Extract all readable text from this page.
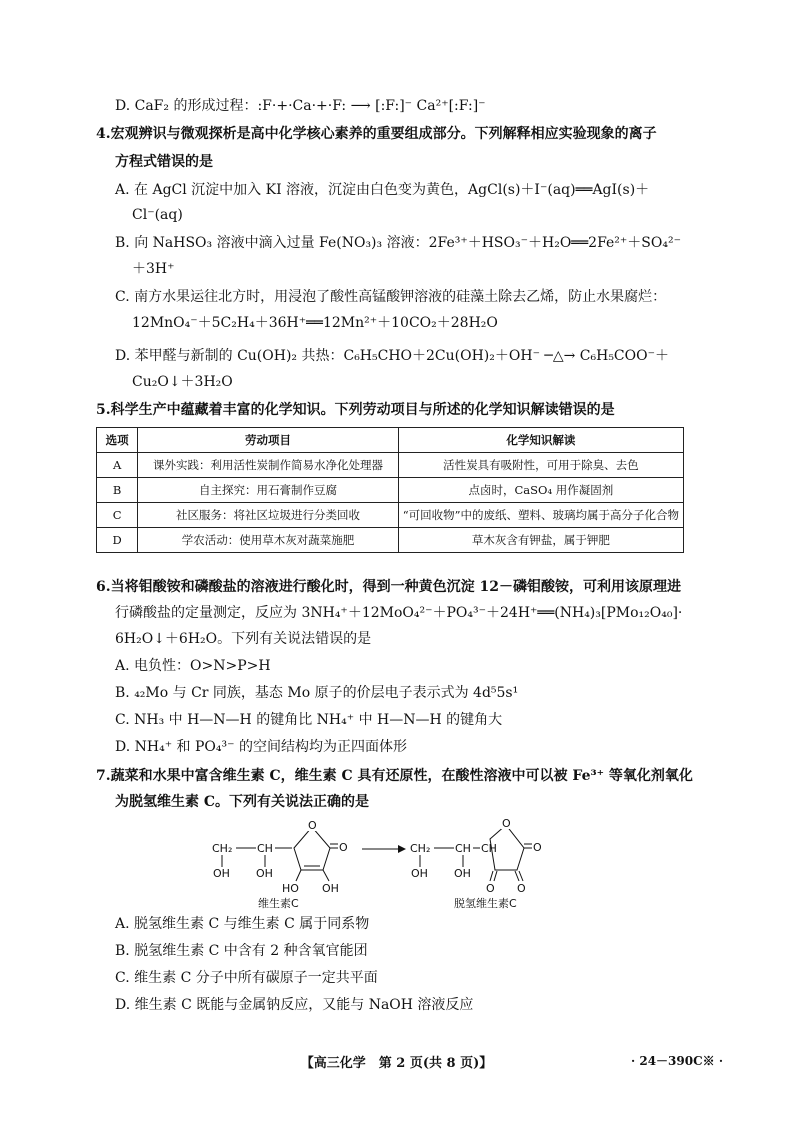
D. CaF₂ 的形成过程：:F·+·Ca·+·F: ⟶ [:F:]⁻ Ca²⁺[:F:]⁻
4.宏观辨识与微观探析是高中化学核心素养的重要组成部分。下列解释相应实验现象的离子
方程式错误的是
A. 在 AgCl 沉淀中加入 KI 溶液，沉淀由白色变为黄色，AgCl(s)＋I⁻(aq)══AgI(s)＋
Cl⁻(aq)
B. 向 NaHSO₃ 溶液中滴入过量 Fe(NO₃)₃ 溶液：2Fe³⁺＋HSO₃⁻＋H₂O══2Fe²⁺＋SO₄²⁻
＋3H⁺
C. 南方水果运往北方时，用浸泡了酸性高锰酸钾溶液的硅藻土除去乙烯，防止水果腐烂：
12MnO₄⁻＋5C₂H₄＋36H⁺══12Mn²⁺＋10CO₂＋28H₂O
D. 苯甲醛与新制的 Cu(OH)₂ 共热：C₆H₅CHO＋2Cu(OH)₂＋OH⁻ ─△→ C₆H₅COO⁻＋
Cu₂O↓＋3H₂O
5.科学生产中蕴藏着丰富的化学知识。下列劳动项目与所述的化学知识解读错误的是
6.当将钼酸铵和磷酸盐的溶液进行酸化时，得到一种黄色沉淀 12－磷钼酸铵，可利用该原理进
行磷酸盐的定量测定，反应为 3NH₄⁺＋12MoO₄²⁻＋PO₄³⁻＋24H⁺══(NH₄)₃[PMo₁₂O₄₀]·
6H₂O↓＋6H₂O。下列有关说法错误的是
A. 电负性：O>N>P>H
B. ₄₂Mo 与 Cr 同族，基态 Mo 原子的价层电子表示式为 4d⁵5s¹
C. NH₃ 中 H—N—H 的键角比 NH₄⁺ 中 H—N—H 的键角大
D. NH₄⁺ 和 PO₄³⁻ 的空间结构均为正四面体形
7.蔬菜和水果中富含维生素 C，维生素 C 具有还原性，在酸性溶液中可以被 Fe³⁺ 等氧化剂氧化
为脱氢维生素 C。下列有关说法正确的是
A. 脱氢维生素 C 与维生素 C 属于同系物
B. 脱氢维生素 C 中含有 2 种含氧官能团
C. 维生素 C 分子中所有碳原子一定共平面
D. 维生素 C 既能与金属钠反应，又能与 NaOH 溶液反应
选项	劳动项目	化学知识解读
A	课外实践：利用活性炭制作简易水净化处理器	活性炭具有吸附性，可用于除臭、去色
B	自主探究：用石膏制作豆腐	点卤时，CaSO₄ 用作凝固剂
C	社区服务：将社区垃圾进行分类回收	“可回收物”中的废纸、塑料、玻璃均属于高分子化合物
D	学农活动：使用草木灰对蔬菜施肥	草木灰含有钾盐，属于钾肥
CH₂ CH
OH OH
O
O
HO OH
维生素C
CH₂ CH
OH OH
CH
O
O
O O
脱氢维生素C
【高三化学　第 2 页(共 8 页)】	· 24－390C※ ·
